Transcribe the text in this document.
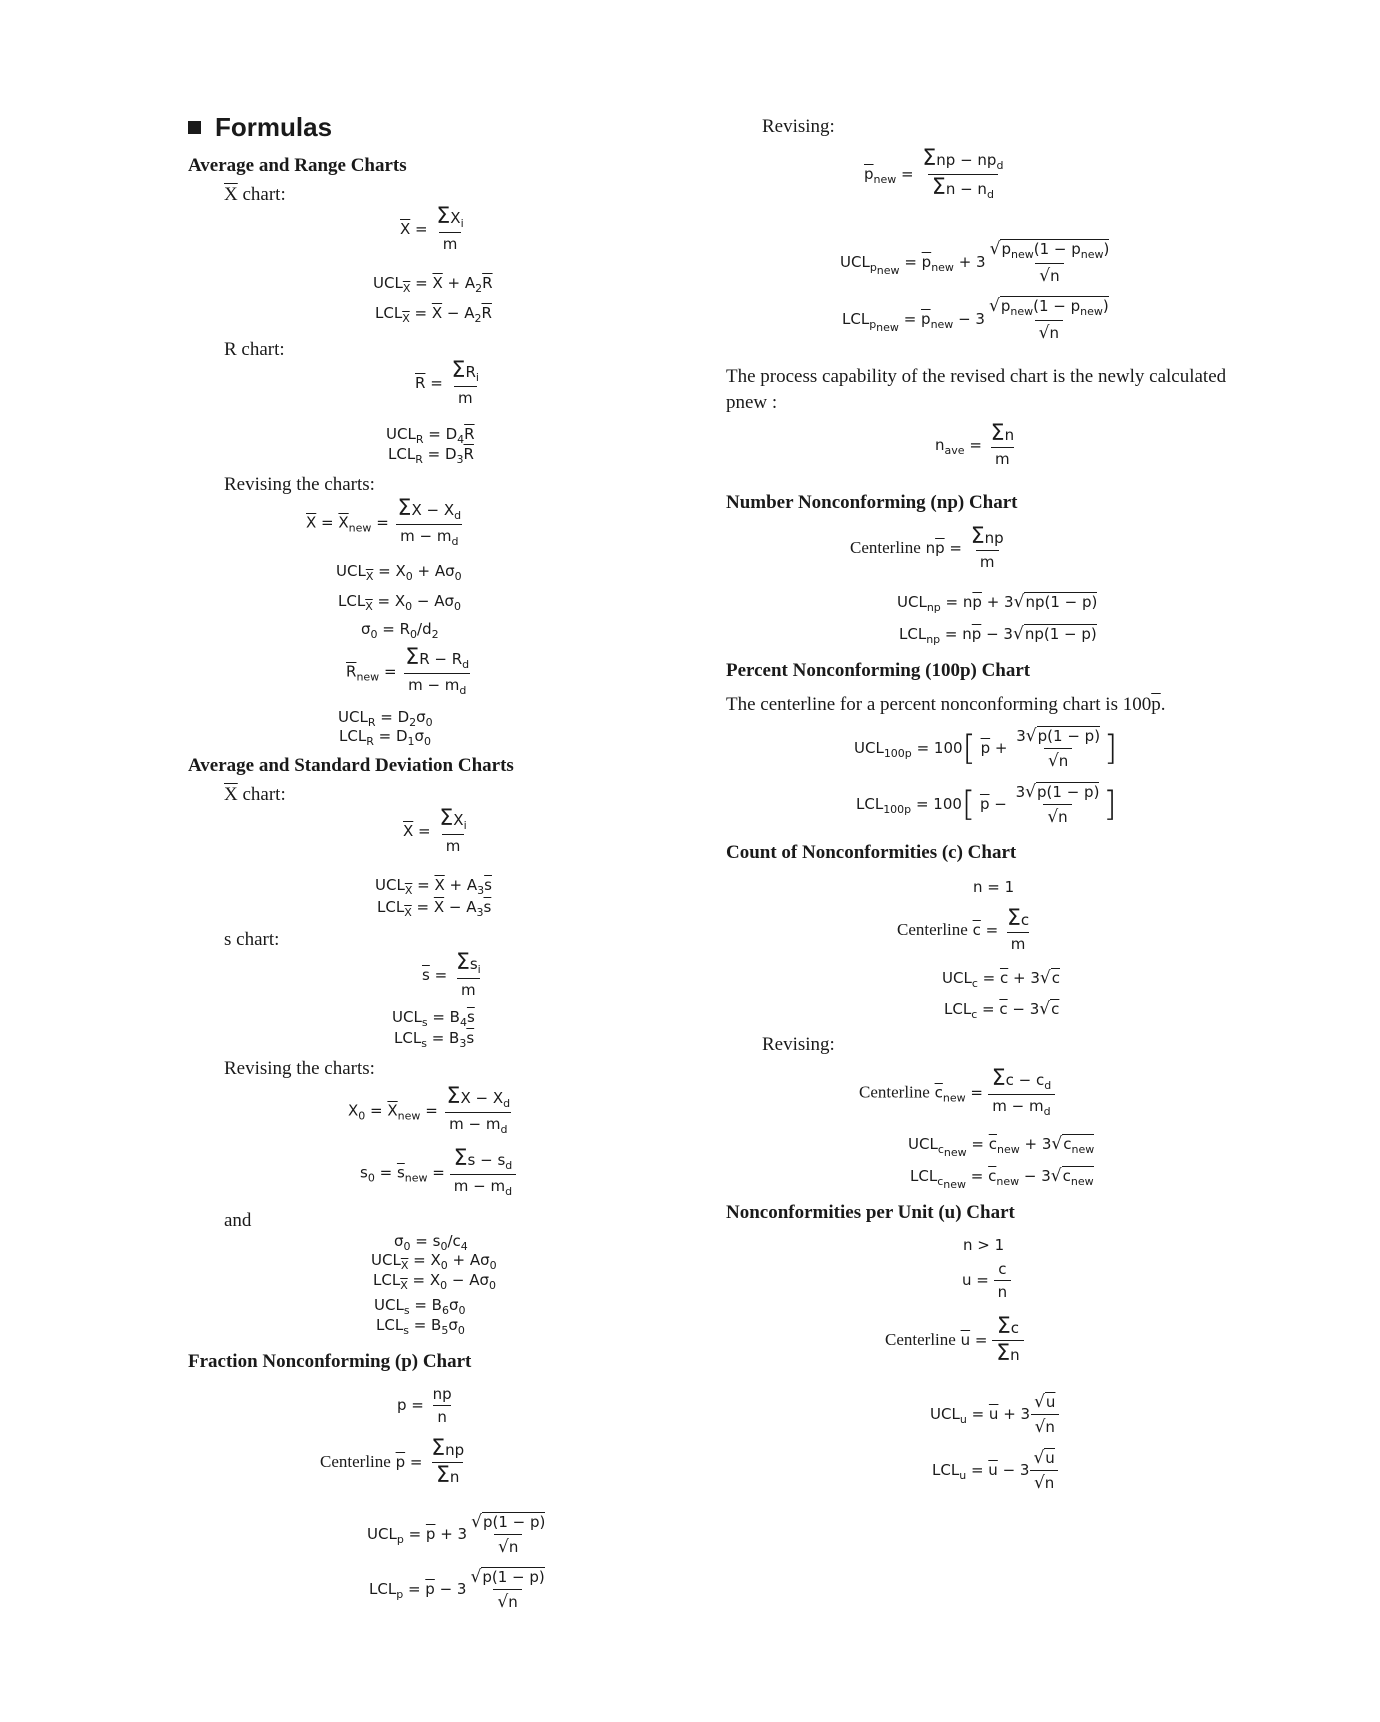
Formulas
Average and Range Charts
$\overline{X}$ chart:
$\overline{X} = \frac{\Sigma X_i}{m}$
$UCL_{\overline{X}} = \overline{X} + A_2\overline{R}$
$LCL_{\overline{X}} = \overline{X} - A_2\overline{R}$
R chart:
$\overline{R} = \frac{\Sigma R_i}{m}$
$UCL_R = D_4\overline{R}$
$LCL_R = D_3\overline{R}$
Revising the charts:
$\overline{X} = \overline{X}_{new} = \frac{\Sigma X - X_d}{m - m_d}$
$UCL_{\overline{X}} = X_0 + A\sigma_0$
$LCL_{\overline{X}} = X_0 - A\sigma_0$
$\sigma_0 = R_0/d_2$
$\overline{R}_{new} = \frac{\Sigma R - R_d}{m - m_d}$
$UCL_R = D_2\sigma_0$
$LCL_R = D_1\sigma_0$
Average and Standard Deviation Charts
$\overline{X}$ chart:
$\overline{X} = \frac{\Sigma X_i}{m}$
$UCL_{\overline{X}} = \overline{X} + A_3\overline{s}$
$LCL_{\overline{X}} = \overline{X} - A_3\overline{s}$
s chart:
$\overline{s} = \frac{\Sigma s_i}{m}$
$UCL_s = B_4\overline{s}$
$LCL_s = B_3\overline{s}$
Revising the charts:
$X_0 = \overline{X}_{new} = \frac{\Sigma X - X_d}{m - m_d}$
$s_0 = \overline{s}_{new} = \frac{\Sigma s - s_d}{m - m_d}$
and
$\sigma_0 = s_0/c_4$
$UCL_{\overline{X}} = X_0 + A\sigma_0$
$LCL_{\overline{X}} = X_0 - A\sigma_0$
$UCL_s = B_6\sigma_0$
$LCL_s = B_5\sigma_0$
Fraction Nonconforming (p) Chart
$p = \frac{np}{n}$
Centerline $\overline{p} = \frac{\text{Σnp}}{\Sigma n}$
$UCL_p = \overline{p} + 3 \frac{√p(1 - \overline{p})}{√n}$
$LCL_p = \overline{p} - 3 \frac{√p(1 - \overline{p})}{√n}$
Revising:
$\overline{p}_{new} = \frac{\Sigma np - np_d}{\Sigma n - n_d}$
$UCL_{p_{new}} = \overline{p}_{new} + 3 \frac{√p_{new}(1 - \overline{p}_{new})}{√n}$
$LCL_{p_{new}} = \overline{p}_{new} - 3 \frac{√p_{new}(1 - \overline{p}_{new})}{√n}$
The process capability of the revised chart is the newly calculated
pnew :
$n_{ave} = \frac{\Sigma n}{m}$
Number Nonconforming (np) Chart
Centerline $n\overline{p} = \frac{\text{Σnp}}{m}$
$UCL_{np} = n\overline{p} + 3√n\overline{p}(1 - \overline{p})$
$LCL_{np} = n\overline{p} - 3√n\overline{p}(1 - \overline{p})$
Percent Nonconforming (100p) Chart
The centerline for a percent nonconforming chart is $100\overline{p}$.
$UCL_{100p} = 100$[ $\overline{p} + \frac{3√p(1 - \overline{p})}{√n}$ ]
$LCL_{100p} = 100$[ $\overline{p} - \frac{3√p(1 - \overline{p})}{√n}$ ]
Count of Nonconformities (c) Chart
n = 1
Centerline $\overline{c} = \frac{\Sigma c}{m}$
$UCL_c = \overline{c} + 3√c$
$LCL_c = \overline{c} - 3√c$
Revising:
Centerline $\overline{c}_{new} = \frac{\Sigma c - c_d}{m - m_d}$
$UCL_{c_{new}} = \overline{c}_{new} + 3√c_{new}$
$LCL_{c_{new}} = \overline{c}_{new} - 3√c_{new}$
Nonconformities per Unit (u) Chart
n > 1
$u = \frac{c}{n}$
Centerline $\overline{u} = \frac{\Sigma c}{\Sigma n}$
$UCL_u = \overline{u} + 3 \frac{√u}{√n}$
$LCL_u = \overline{u} - 3 \frac{√u}{√n}$
